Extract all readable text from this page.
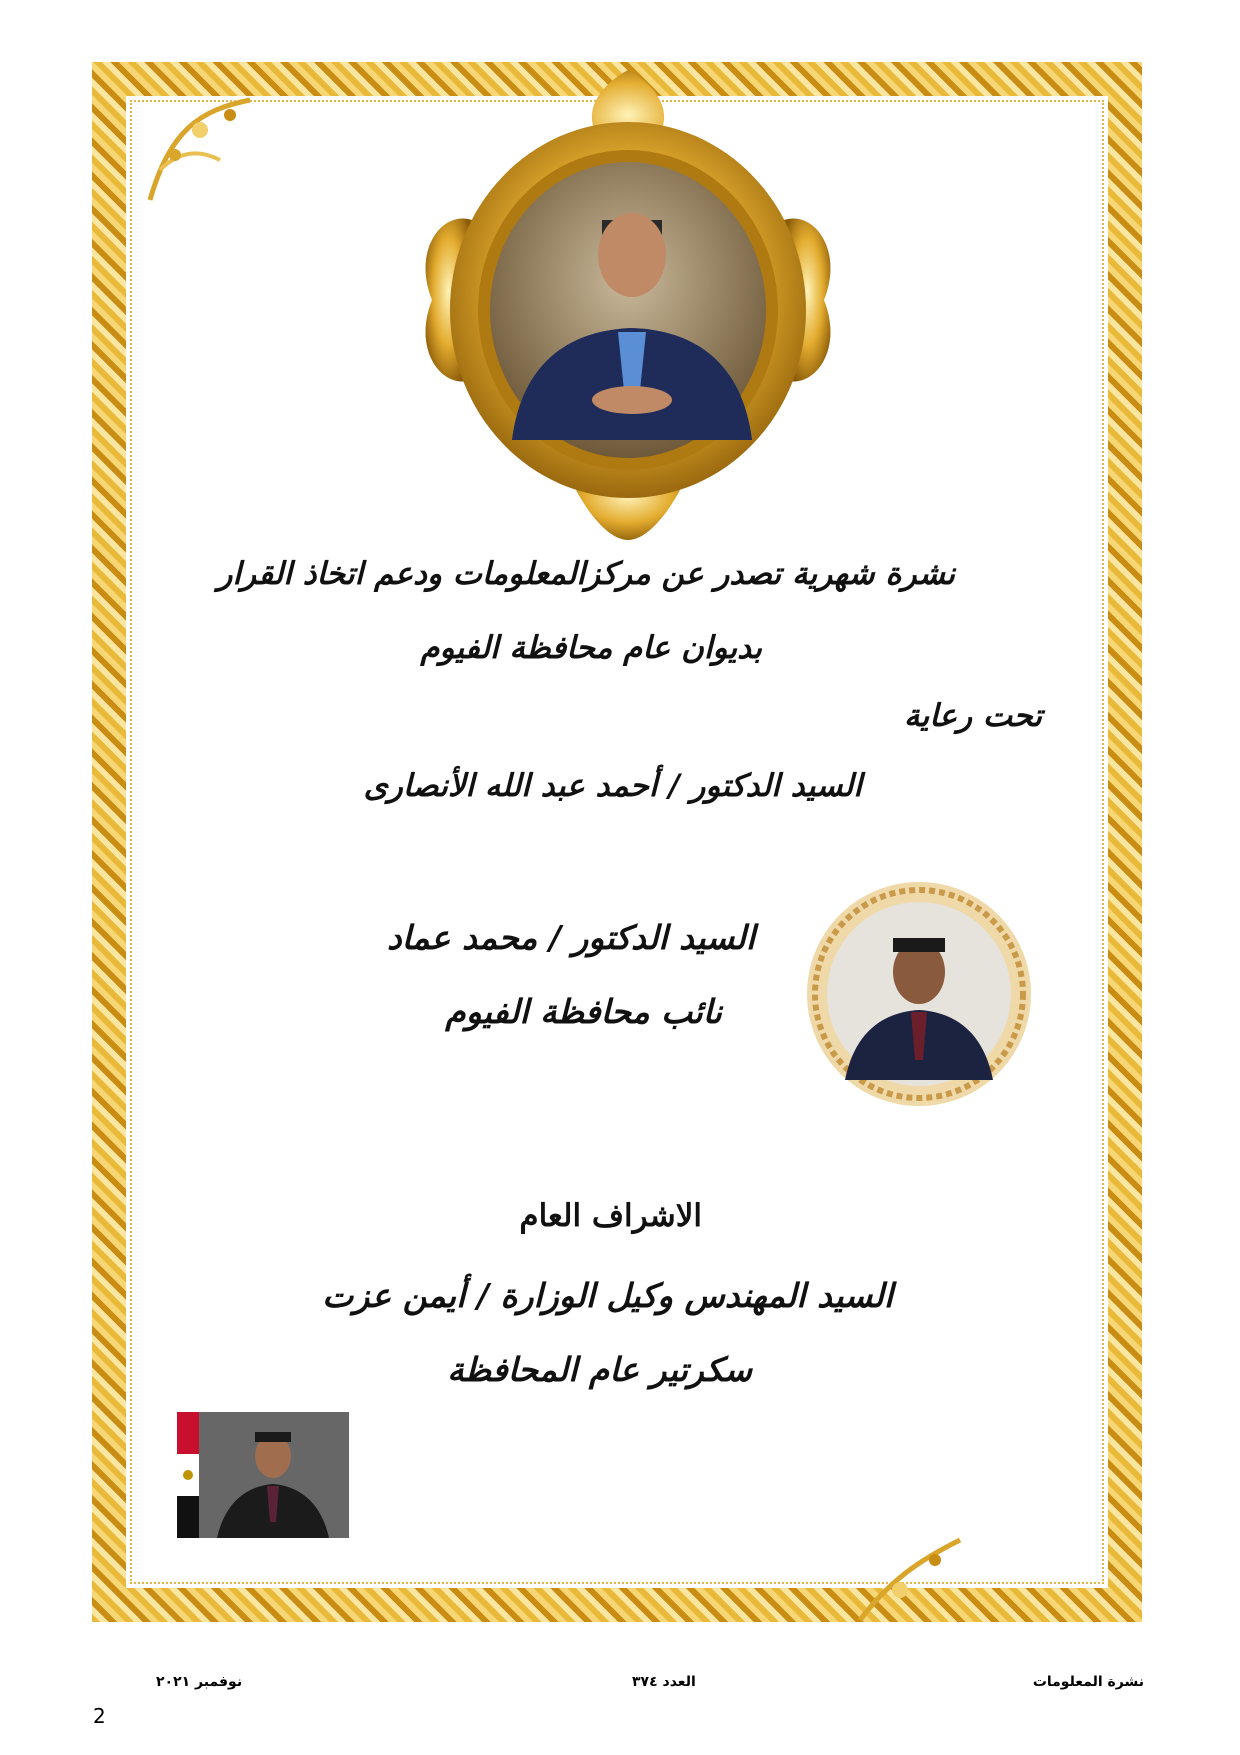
نشرة شهرية تصدر عن مركزالمعلومات ودعم اتخاذ القرار
بديوان عام محافظة الفيوم
تحت رعاية
السيد الدكتور / أحمد عبد الله الأنصارى
السيد الدكتور / محمد عماد
نائب محافظة الفيوم
الاشراف العام
السيد المهندس وكيل الوزارة / أيمن عزت
سكرتير عام المحافظة
نوفمبر ٢٠٢١	العدد ٣٧٤	نشرة المعلومات
2
